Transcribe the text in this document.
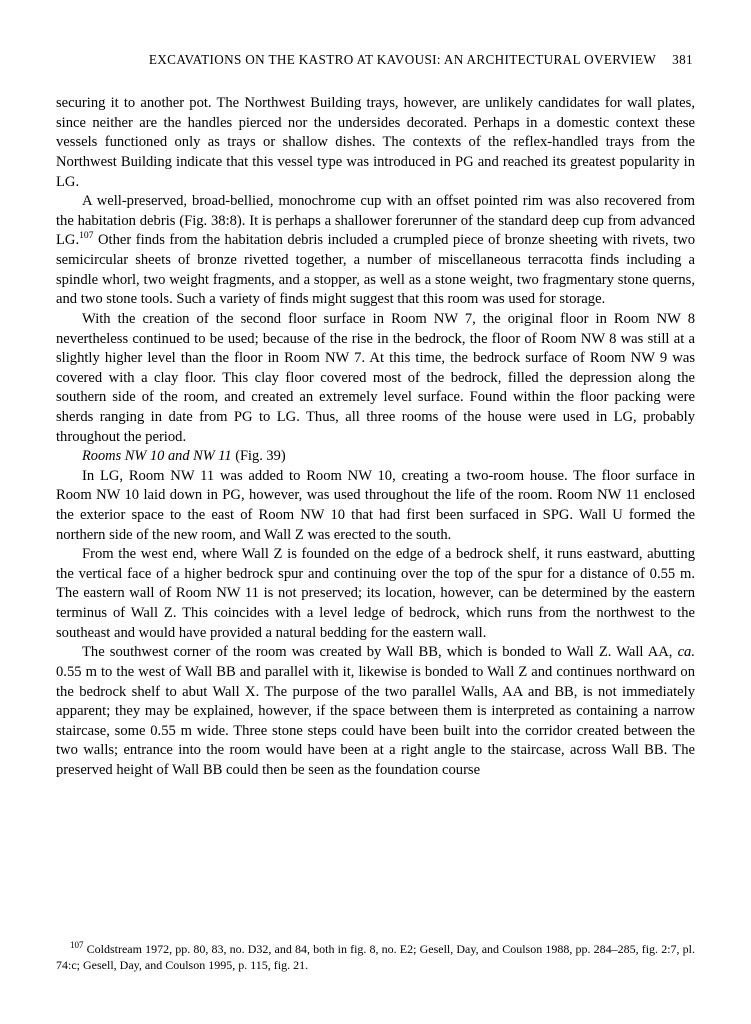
EXCAVATIONS ON THE KASTRO AT KAVOUSI: AN ARCHITECTURAL OVERVIEW 381

securing it to another pot. The Northwest Building trays, however, are unlikely candidates for wall plates, since neither are the handles pierced nor the undersides decorated. Perhaps in a domestic context these vessels functioned only as trays or shallow dishes. The contexts of the reflex-handled trays from the Northwest Building indicate that this vessel type was introduced in PG and reached its greatest popularity in LG.

A well-preserved, broad-bellied, monochrome cup with an offset pointed rim was also recovered from the habitation debris (Fig. 38:8). It is perhaps a shallower forerunner of the standard deep cup from advanced LG.$^{107}$ Other finds from the habitation debris included a crumpled piece of bronze sheeting with rivets, two semicircular sheets of bronze rivetted together, a number of miscellaneous terracotta finds including a spindle whorl, two weight fragments, and a stopper, as well as a stone weight, two fragmentary stone querns, and two stone tools. Such a variety of finds might suggest that this room was used for storage.

With the creation of the second floor surface in Room NW 7, the original floor in Room NW 8 nevertheless continued to be used; because of the rise in the bedrock, the floor of Room NW 8 was still at a slightly higher level than the floor in Room NW 7. At this time, the bedrock surface of Room NW 9 was covered with a clay floor. This clay floor covered most of the bedrock, filled the depression along the southern side of the room, and created an extremely level surface. Found within the floor packing were sherds ranging in date from PG to LG. Thus, all three rooms of the house were used in LG, probably throughout the period.

Rooms NW 10 and NW 11 (Fig. 39)

In LG, Room NW 11 was added to Room NW 10, creating a two-room house. The floor surface in Room NW 10 laid down in PG, however, was used throughout the life of the room. Room NW 11 enclosed the exterior space to the east of Room NW 10 that had first been surfaced in SPG. Wall U formed the northern side of the new room, and Wall Z was erected to the south.

From the west end, where Wall Z is founded on the edge of a bedrock shelf, it runs eastward, abutting the vertical face of a higher bedrock spur and continuing over the top of the spur for a distance of 0.55 m. The eastern wall of Room NW 11 is not preserved; its location, however, can be determined by the eastern terminus of Wall Z. This coincides with a level ledge of bedrock, which runs from the northwest to the southeast and would have provided a natural bedding for the eastern wall.

The southwest corner of the room was created by Wall BB, which is bonded to Wall Z. Wall AA, ca. 0.55 m to the west of Wall BB and parallel with it, likewise is bonded to Wall Z and continues northward on the bedrock shelf to abut Wall X. The purpose of the two parallel Walls, AA and BB, is not immediately apparent; they may be explained, however, if the space between them is interpreted as containing a narrow staircase, some 0.55 m wide. Three stone steps could have been built into the corridor created between the two walls; entrance into the room would have been at a right angle to the staircase, across Wall BB. The preserved height of Wall BB could then be seen as the foundation course

$^{107}$ Coldstream 1972, pp. 80, 83, no. D32, and 84, both in fig. 8, no. E2; Gesell, Day, and Coulson 1988, pp. 284–285, fig. 2:7, pl. 74:c; Gesell, Day, and Coulson 1995, p. 115, fig. 21.
